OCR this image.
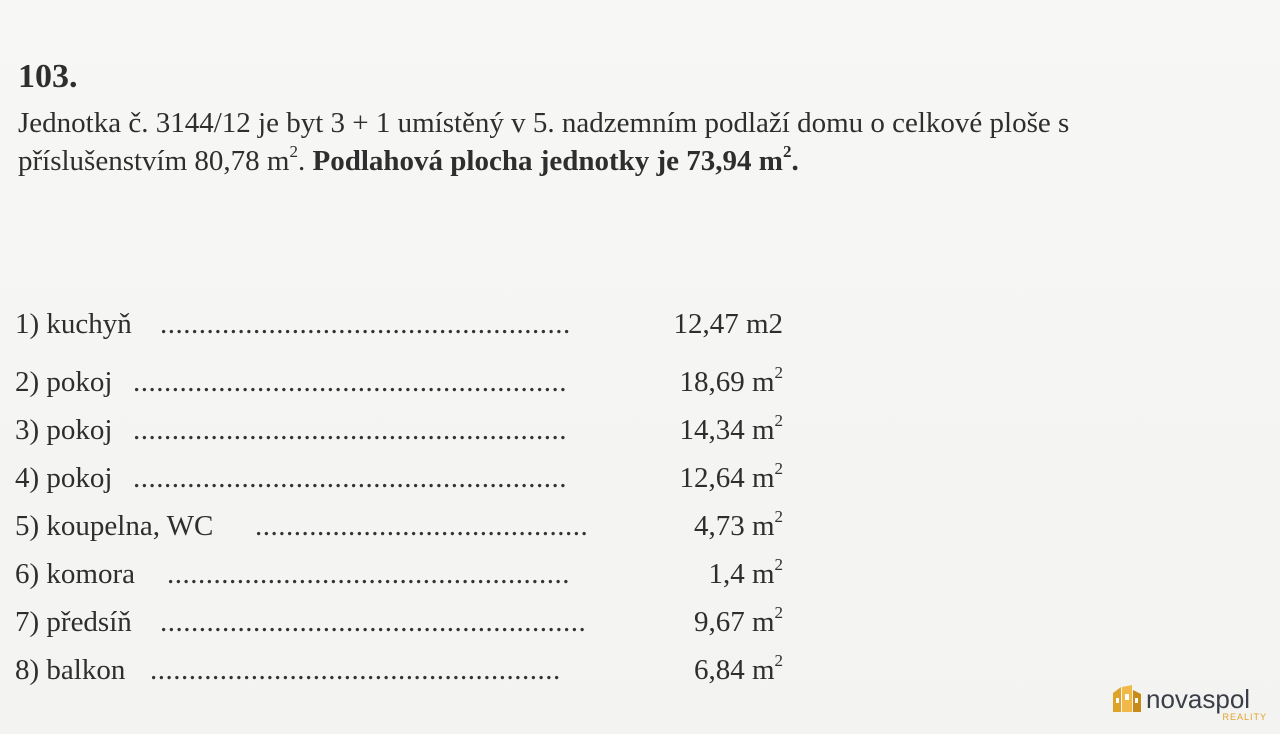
103.
Jednotka č. 3144/12 je byt 3 + 1 umístěný v 5. nadzemním podlaží domu o celkové ploše s
příslušenstvím 80,78 $m^2$. Podlahová plocha jednotky je 73,94 $m^2$.
1) kuchyň .....................................................	12,47 m2
2) pokoj ........................................................	18,69 $m^2$
3) pokoj ........................................................	14,34 $m^2$
4) pokoj ........................................................	12,64 $m^2$
5) koupelna, WC ...........................................	4,73 $m^2$
6) komora ....................................................	1,4 $m^2$
7) předsíň .......................................................	9,67 $m^2$
8) balkon .....................................................	6,84 $m^2$
novaspol
REALITY
